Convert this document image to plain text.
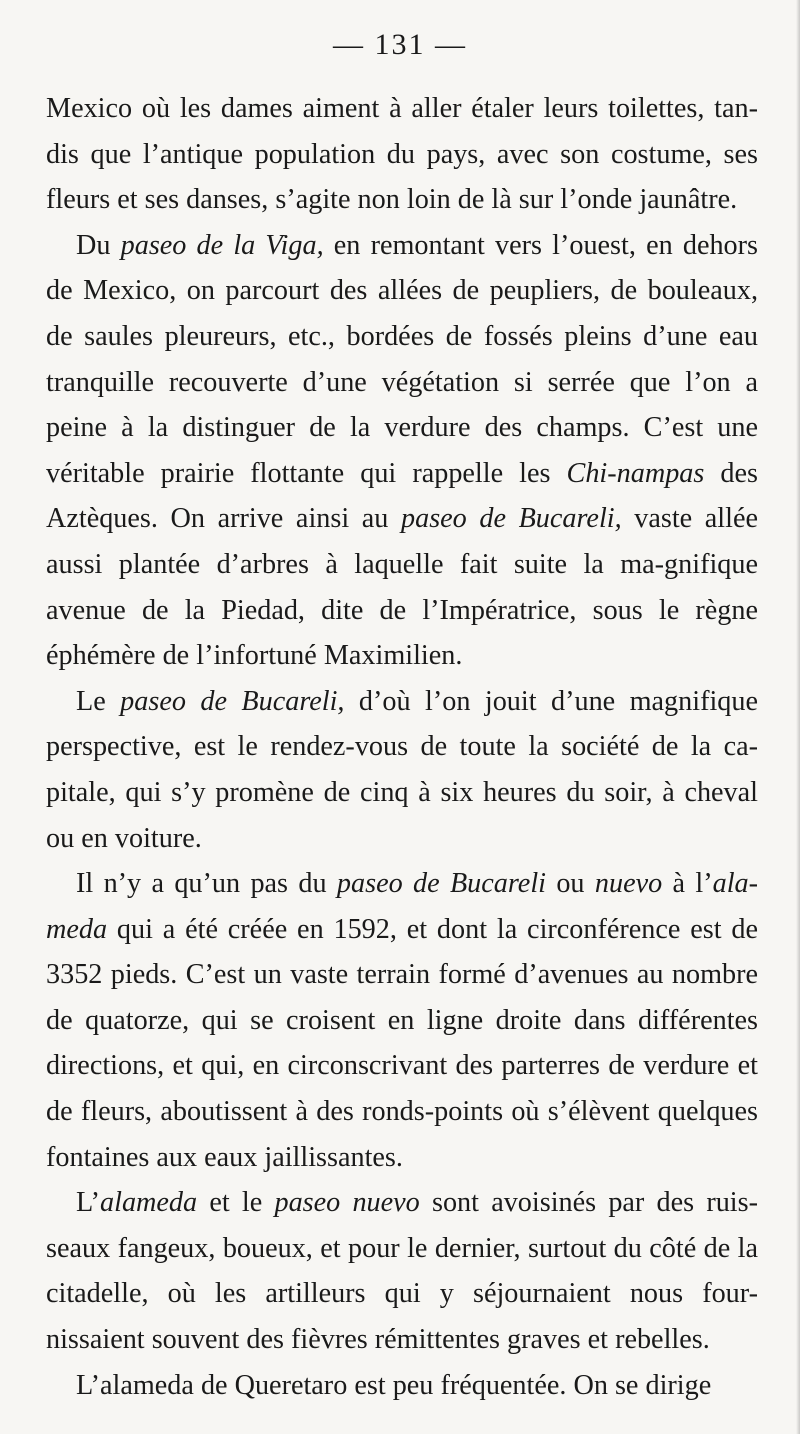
— 131 —

Mexico où les dames aiment à aller étaler leurs toilettes, tan-dis que l’antique population du pays, avec son costume, ses fleurs et ses danses, s’agite non loin de là sur l’onde jaunâtre.

Du paseo de la Viga, en remontant vers l’ouest, en dehors de Mexico, on parcourt des allées de peupliers, de bouleaux, de saules pleureurs, etc., bordées de fossés pleins d’une eau tranquille recouverte d’une végétation si serrée que l’on a peine à la distinguer de la verdure des champs. C’est une véritable prairie flottante qui rappelle les Chi-nampas des Aztèques. On arrive ainsi au paseo de Bucareli, vaste allée aussi plantée d’arbres à laquelle fait suite la ma-gnifique avenue de la Piedad, dite de l’Impératrice, sous le règne éphémère de l’infortuné Maximilien.

Le paseo de Bucareli, d’où l’on jouit d’une magnifique perspective, est le rendez-vous de toute la société de la ca-pitale, qui s’y promène de cinq à six heures du soir, à cheval ou en voiture.

Il n’y a qu’un pas du paseo de Bucareli ou nuevo à l’ala-meda qui a été créée en 1592, et dont la circonférence est de 3352 pieds. C’est un vaste terrain formé d’avenues au nombre de quatorze, qui se croisent en ligne droite dans différentes directions, et qui, en circonscrivant des parterres de verdure et de fleurs, aboutissent à des ronds-points où s’élèvent quelques fontaines aux eaux jaillissantes.

L’alameda et le paseo nuevo sont avoisinés par des ruis-seaux fangeux, boueux, et pour le dernier, surtout du côté de la citadelle, où les artilleurs qui y séjournaient nous four-nissaient souvent des fièvres rémittentes graves et rebelles.

L’alameda de Queretaro est peu fréquentée. On se dirige
